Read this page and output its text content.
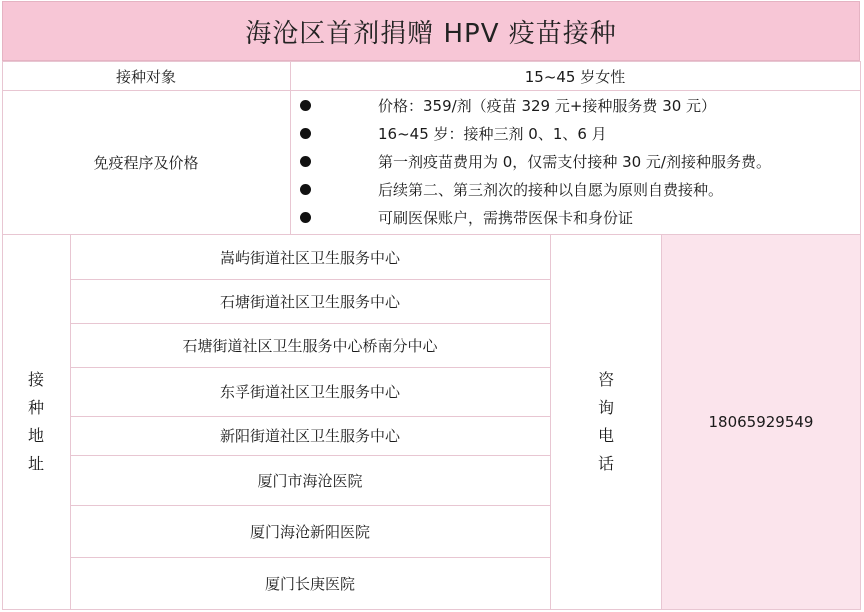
海沧区首剂捐赠 HPV 疫苗接种
接种对象	15~45 岁女性
免疫程序及价格
价格：359/剂（疫苗 329 元+接种服务费 30 元）
16~45 岁：接种三剂 0、1、6 月
第一剂疫苗费用为 0，仅需支付接种 30 元/剂接种服务费。
后续第二、第三剂次的接种以自愿为原则自费接种。
可刷医保账户，需携带医保卡和身份证
接
种
地
址
嵩屿街道社区卫生服务中心
石塘街道社区卫生服务中心
石塘街道社区卫生服务中心桥南分中心
东孚街道社区卫生服务中心
新阳街道社区卫生服务中心
厦门市海沧医院
厦门海沧新阳医院
厦门长庚医院
咨
询
电
话
18065929549
